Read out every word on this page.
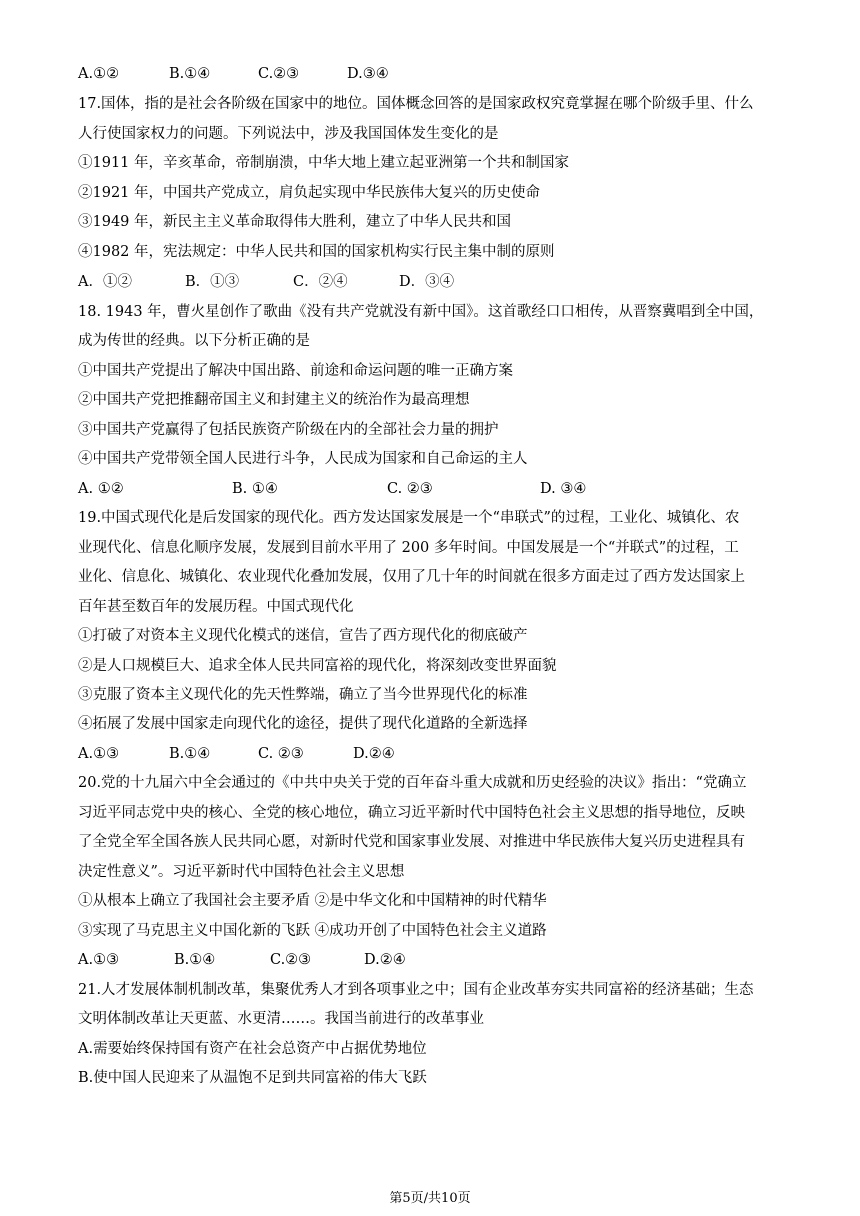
A.①②	B.①④	C.②③	D.③④
17.国体，指的是社会各阶级在国家中的地位。国体概念回答的是国家政权究竟掌握在哪个阶级手里、什么
人行使国家权力的问题。下列说法中，涉及我国国体发生变化的是
①1911 年，辛亥革命，帝制崩溃，中华大地上建立起亚洲第一个共和制国家
②1921 年，中国共产党成立，肩负起实现中华民族伟大复兴的历史使命
③1949 年，新民主主义革命取得伟大胜利，建立了中华人民共和国
④1982 年，宪法规定：中华人民共和国的国家机构实行民主集中制的原则
A．①②	B．①③	C．②④	D．③④
18. 1943 年，曹火星创作了歌曲《没有共产党就没有新中国》。这首歌经口口相传，从晋察冀唱到全中国，
成为传世的经典。以下分析正确的是
①中国共产党提出了解决中国出路、前途和命运问题的唯一正确方案
②中国共产党把推翻帝国主义和封建主义的统治作为最高理想
③中国共产党赢得了包括民族资产阶级在内的全部社会力量的拥护
④中国共产党带领全国人民进行斗争，人民成为国家和自己命运的主人
A. ①②	B. ①④	C. ②③	D. ③④
19.中国式现代化是后发国家的现代化。西方发达国家发展是一个“串联式”的过程，工业化、城镇化、农
业现代化、信息化顺序发展，发展到目前水平用了 200 多年时间。中国发展是一个“并联式”的过程，工
业化、信息化、城镇化、农业现代化叠加发展，仅用了几十年的时间就在很多方面走过了西方发达国家上
百年甚至数百年的发展历程。中国式现代化
①打破了对资本主义现代化模式的迷信，宣告了西方现代化的彻底破产
②是人口规模巨大、追求全体人民共同富裕的现代化，将深刻改变世界面貌
③克服了资本主义现代化的先天性弊端，确立了当今世界现代化的标准
④拓展了发展中国家走向现代化的途径，提供了现代化道路的全新选择
A.①③	B.①④	C. ②③	D.②④
20.党的十九届六中全会通过的《中共中央关于党的百年奋斗重大成就和历史经验的决议》指出：“党确立
习近平同志党中央的核心、全党的核心地位，确立习近平新时代中国特色社会主义思想的指导地位，反映
了全党全军全国各族人民共同心愿，对新时代党和国家事业发展、对推进中华民族伟大复兴历史进程具有
决定性意义”。习近平新时代中国特色社会主义思想
①从根本上确立了我国社会主要矛盾 ②是中华文化和中国精神的时代精华
③实现了马克思主义中国化新的飞跃 ④成功开创了中国特色社会主义道路
A.①③	B.①④	C.②③	D.②④
21.人才发展体制机制改革，集聚优秀人才到各项事业之中；国有企业改革夯实共同富裕的经济基础；生态
文明体制改革让天更蓝、水更清……。我国当前进行的改革事业
A.需要始终保持国有资产在社会总资产中占据优势地位
B.使中国人民迎来了从温饱不足到共同富裕的伟大飞跃
第5页/共10页
